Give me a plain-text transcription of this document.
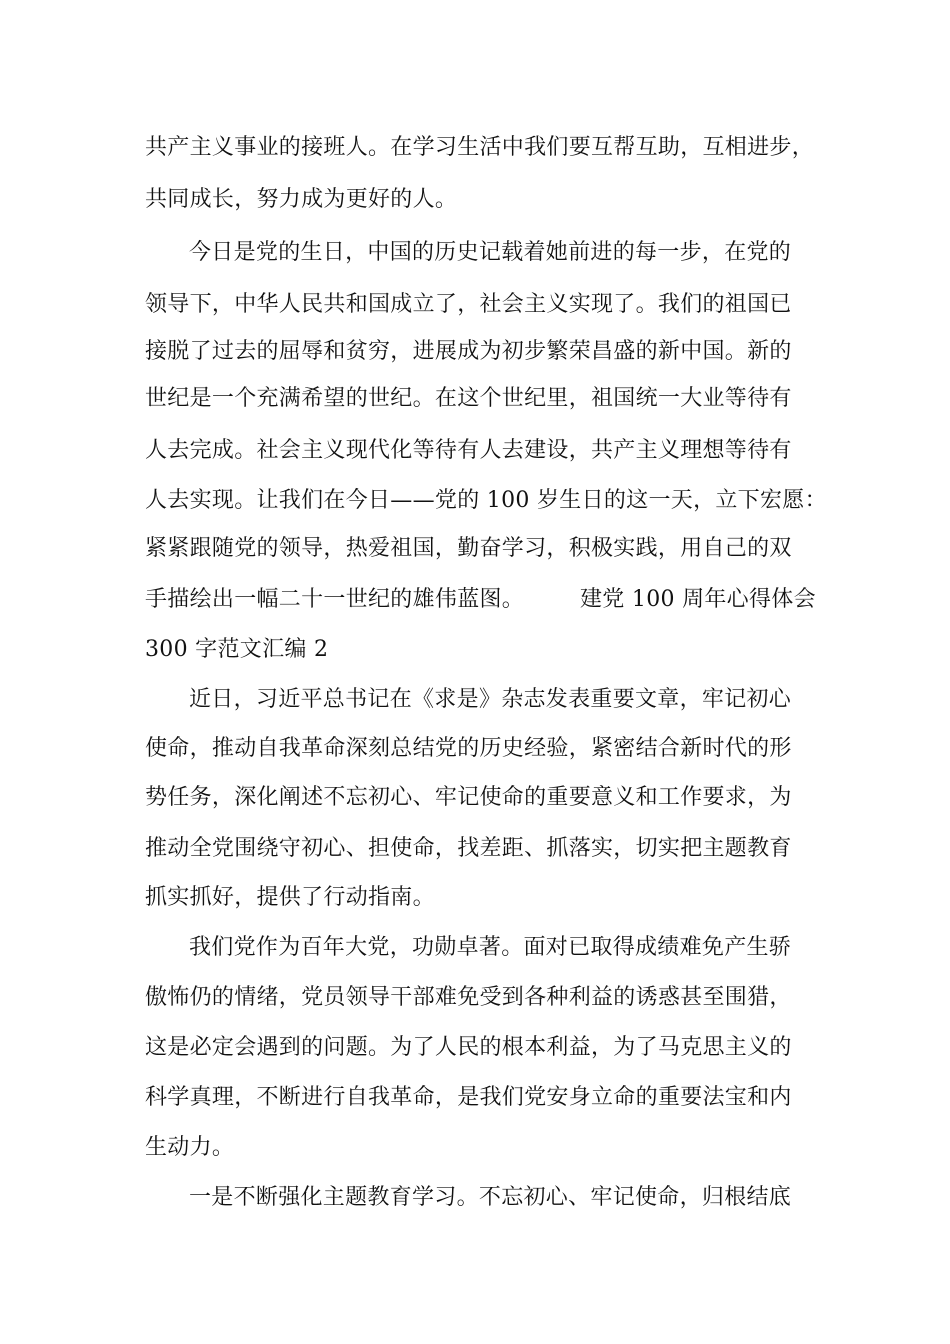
共产主义事业的接班人。在学习生活中我们要互帮互助，互相进步，
共同成长，努力成为更好的人。
今日是党的生日，中国的历史记载着她前进的每一步，在党的
领导下，中华人民共和国成立了，社会主义实现了。我们的祖国已
接脱了过去的屈辱和贫穷，进展成为初步繁荣昌盛的新中国。新的
世纪是一个充满希望的世纪。在这个世纪里，祖国统一大业等待有
人去完成。社会主义现代化等待有人去建设，共产主义理想等待有
人去实现。让我们在今日——党的 100 岁生日的这一天，立下宏愿：
紧紧跟随党的领导，热爱祖国，勤奋学习，积极实践，用自己的双
手描绘出一幅二十一世纪的雄伟蓝图。　　　建党 100 周年心得体会
300 字范文汇编 2
近日，习近平总书记在《求是》杂志发表重要文章，牢记初心
使命，推动自我革命深刻总结党的历史经验，紧密结合新时代的形
势任务，深化阐述不忘初心、牢记使命的重要意义和工作要求，为
推动全党围绕守初心、担使命，找差距、抓落实，切实把主题教育
抓实抓好，提供了行动指南。
我们党作为百年大党，功勋卓著。面对已取得成绩难免产生骄
傲怖仍的情绪，党员领导干部难免受到各种利益的诱惑甚至围猎，
这是必定会遇到的问题。为了人民的根本利益，为了马克思主义的
科学真理，不断进行自我革命，是我们党安身立命的重要法宝和内
生动力。
一是不断强化主题教育学习。不忘初心、牢记使命，归根结底
